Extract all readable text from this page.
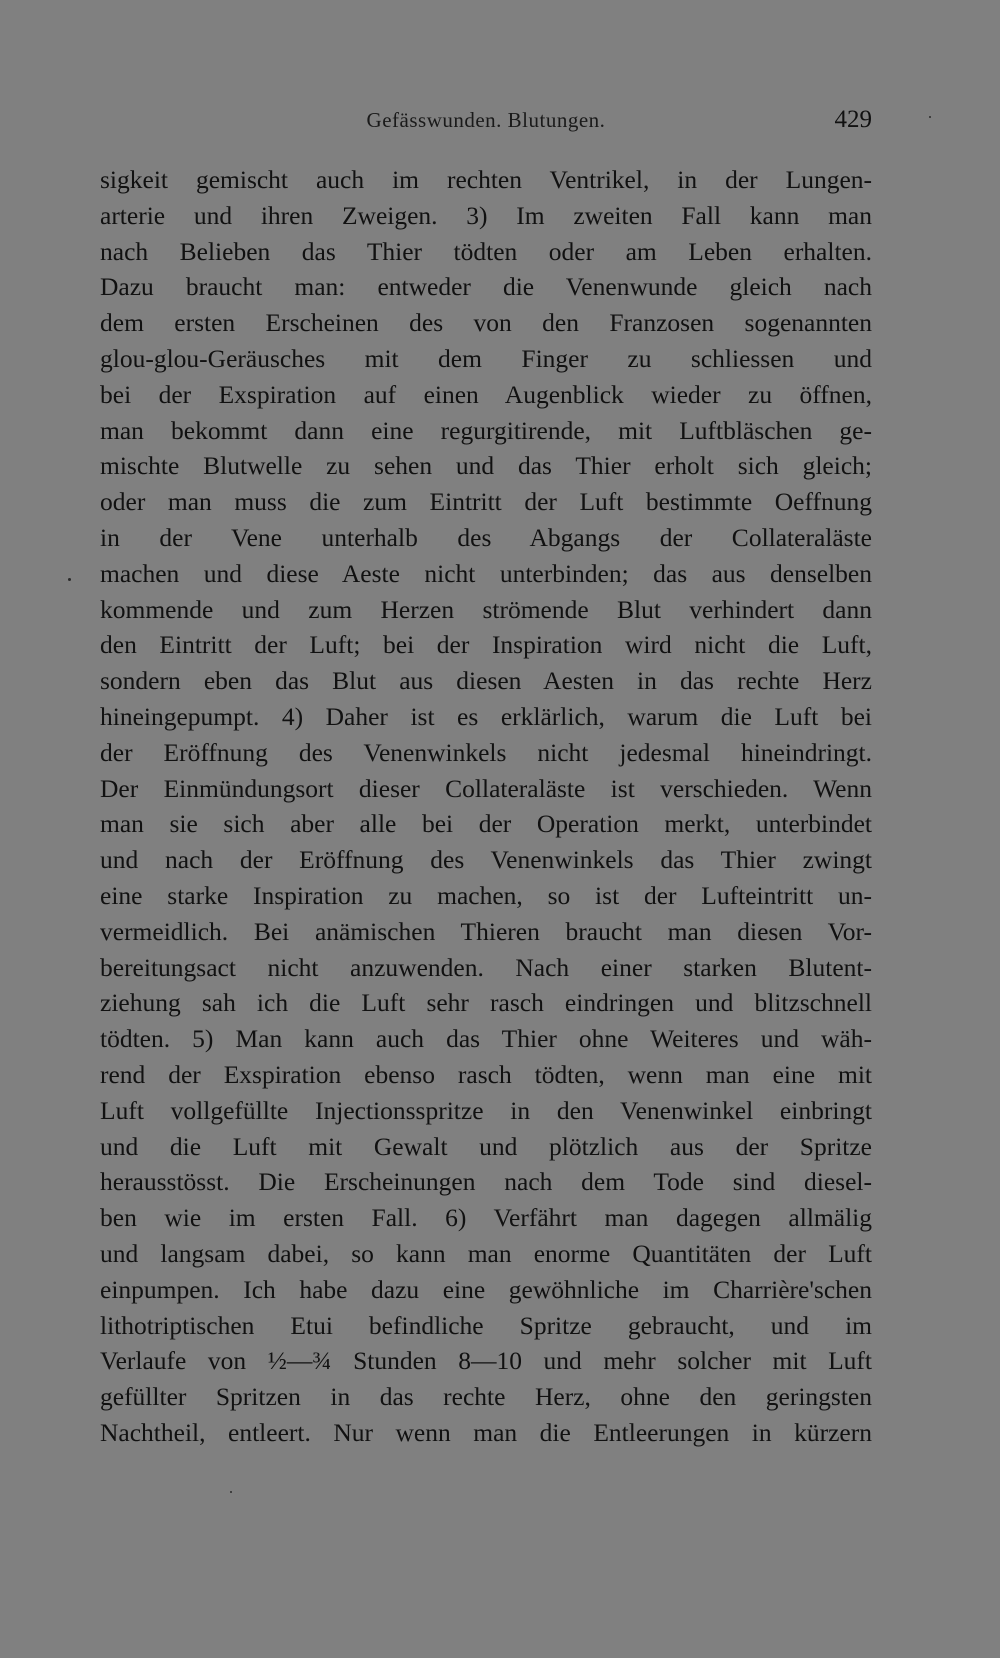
Gefässwunden. Blutungen.	429
sigkeit gemischt auch im rechten Ventrikel, in der Lungen-
arterie und ihren Zweigen. 3) Im zweiten Fall kann man
nach Belieben das Thier tödten oder am Leben erhalten.
Dazu braucht man: entweder die Venenwunde gleich nach
dem ersten Erscheinen des von den Franzosen sogenannten
glou-glou-Geräusches mit dem Finger zu schliessen und
bei der Exspiration auf einen Augenblick wieder zu öffnen,
man bekommt dann eine regurgitirende, mit Luftbläschen ge-
mischte Blutwelle zu sehen und das Thier erholt sich gleich;
oder man muss die zum Eintritt der Luft bestimmte Oeffnung
in der Vene unterhalb des Abgangs der Collateraläste
machen und diese Aeste nicht unterbinden; das aus denselben
kommende und zum Herzen strömende Blut verhindert dann
den Eintritt der Luft; bei der Inspiration wird nicht die Luft,
sondern eben das Blut aus diesen Aesten in das rechte Herz
hineingepumpt. 4) Daher ist es erklärlich, warum die Luft bei
der Eröffnung des Venenwinkels nicht jedesmal hineindringt.
Der Einmündungsort dieser Collateraläste ist verschieden. Wenn
man sie sich aber alle bei der Operation merkt, unterbindet
und nach der Eröffnung des Venenwinkels das Thier zwingt
eine starke Inspiration zu machen, so ist der Lufteintritt un-
vermeidlich. Bei anämischen Thieren braucht man diesen Vor-
bereitungsact nicht anzuwenden. Nach einer starken Blutent-
ziehung sah ich die Luft sehr rasch eindringen und blitzschnell
tödten. 5) Man kann auch das Thier ohne Weiteres und wäh-
rend der Exspiration ebenso rasch tödten, wenn man eine mit
Luft vollgefüllte Injectionsspritze in den Venenwinkel einbringt
und die Luft mit Gewalt und plötzlich aus der Spritze
herausstösst. Die Erscheinungen nach dem Tode sind diesel-
ben wie im ersten Fall. 6) Verfährt man dagegen allmälig
und langsam dabei, so kann man enorme Quantitäten der Luft
einpumpen. Ich habe dazu eine gewöhnliche im Charrière'schen
lithotriptischen Etui befindliche Spritze gebraucht, und im
Verlaufe von ½—¾ Stunden 8—10 und mehr solcher mit Luft
gefüllter Spritzen in das rechte Herz, ohne den geringsten
Nachtheil, entleert. Nur wenn man die Entleerungen in kürzern
